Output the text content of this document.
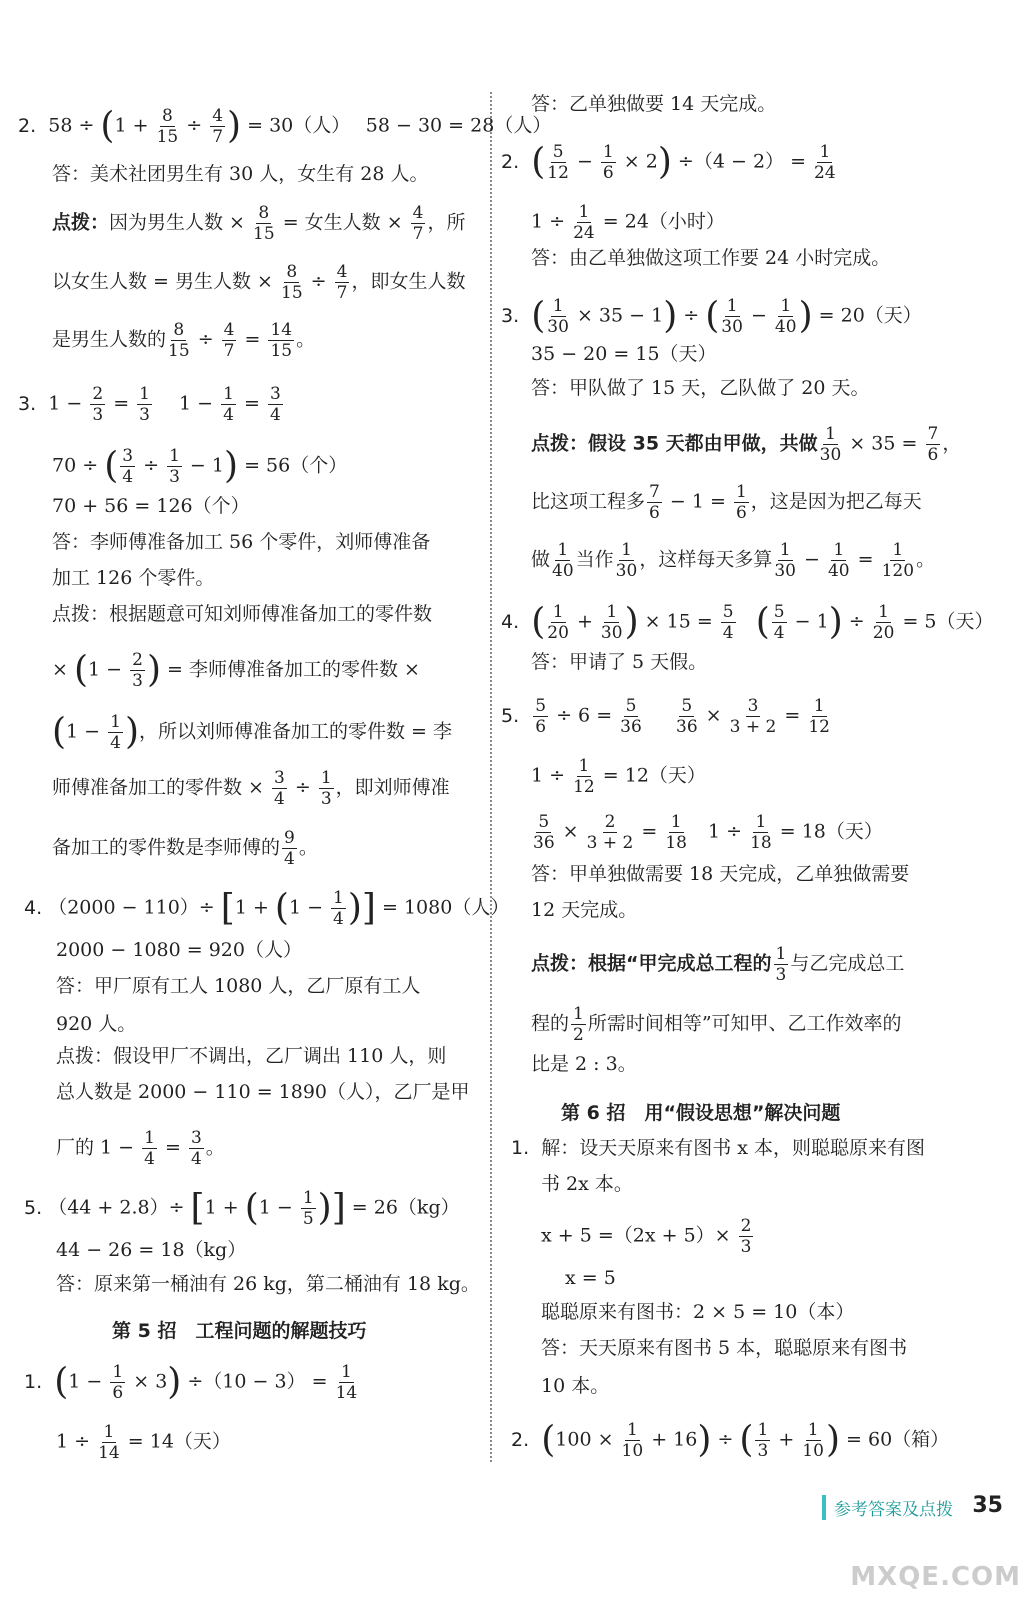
2. $58 \div (1 + \frac{8}{15} \div \frac{4}{7}$ ) = 30（人）　 58 − 30 = 28（人）
答：美术社团男生有 30 人，女生有 28 人。
点拨：因为男生人数 × $\frac{8}{15}$ = 女生人数 × $\frac{4}{7}$ ，所
以女生人数 = 男生人数 × $\frac{8}{15} \div \frac{4}{7}$ ，即女生人数
是男生人数的 $\frac{8}{15} \div \frac{4}{7} = \frac{14}{15}$ 。
3. $1 - \frac{2}{3} = \frac{1}{3}$ 　 $1 - \frac{1}{4} = \frac{3}{4}$
70 ÷ ( $\frac{3}{4} \div \frac{1}{3} - 1) = 56$（个）
70 + 56 = 126（个）
答：李师傅准备加工 56 个零件，刘师傅准备
加工 126 个零件。
点拨：根据题意可知刘师傅准备加工的零件数
× ($1 - \frac{2}{3}$ ) = 李师傅准备加工的零件数 ×
($1 - \frac{1}{4}$ )，所以刘师傅准备加工的零件数 = 李
师傅准备加工的零件数 × $\frac{3}{4} \div \frac{1}{3}$ ，即刘师傅准
备加工的零件数是李师傅的 $\frac{9}{4}$ 。
4. $(2000 - 110)\div [1 + (1 - \frac{1}{4}$ )] = 1080（人）
2000 − 1080 = 920（人）
答：甲厂原有工人 1080 人，乙厂原有工人
920 人。
点拨：假设甲厂不调出，乙厂调出 110 人，则
总人数是 2000 − 110 = 1890（人），乙厂是甲
厂的 $1 - \frac{1}{4} = \frac{3}{4}$ 。
5. $(44 + 2.8)\div [1 + (1 - \frac{1}{5}$ )] = 26（kg）
44 − 26 = 18（kg）
答：原来第一桶油有 26 kg，第二桶油有 18 kg。
第 5 招　工程问题的解题技巧
1. $(1 - \frac{1}{6} \times 3) \div(10 - 3) = \frac{1}{14}$
$1 \div \frac{1}{14} = 14$（天）
答：乙单独做要 14 天完成。
2. ( $\frac{5}{12} - \frac{1}{6} \times 2) \div(4 - 2) = \frac{1}{24}$
$1 \div \frac{1}{24} = 24$（小时）
答：由乙单独做这项工作要 24 小时完成。
3. ( $\frac{1}{30} \times 35 - 1$) ÷ ( $\frac{1}{30} - \frac{1}{40}$ ) = 20（天）
35 − 20 = 15（天）
答：甲队做了 15 天，乙队做了 20 天。
点拨：假设 35 天都由甲做，共做 $\frac{1}{30} \times 35 = \frac{7}{6}$ ，
比这项工程多 $\frac{7}{6} - 1 = \frac{1}{6}$ ，这是因为把乙每天
做 $\frac{1}{40}$ 当作 $\frac{1}{30}$ ，这样每天多算 $\frac{1}{30} - \frac{1}{40} = \frac{1}{120}$ 。
4. ( $\frac{1}{20} + \frac{1}{30}$ ) × $15 = \frac{5}{4}$ ( $\frac{5}{4} - 1) \div \frac{1}{20} = 5$（天）
答：甲请了 5 天假。
5. $\frac{5}{6} \div 6 = \frac{5}{36}$
$\frac{5}{36} \times \frac{3}{3 + 2} = \frac{1}{12}$
$1 \div \frac{1}{12} = 12$（天）
$\frac{5}{36} \times \frac{2}{3 + 2} = \frac{1}{18}$ 　$1 \div \frac{1}{18} = 18$（天）
答：甲单独做需要 18 天完成，乙单独做需要
12 天完成。
点拨：根据“甲完成总工程的 $\frac{1}{3}$ 与乙完成总工
程的 $\frac{1}{2}$ 所需时间相等”可知甲、乙工作效率的
比是 2 : 3。
第 6 招　用“假设思想”解决问题
1. 解：设天天原来有图书 x 本，则聪聪原来有图
书 2x 本。
$x + 5 =(2x + 5)\times \frac{2}{3}$
x = 5
聪聪原来有图书：2 × 5 = 10（本）
答：天天原来有图书 5 本，聪聪原来有图书
10 本。
2. $(100 \times \frac{1}{10} + 16)$ ÷ ( $\frac{1}{3} + \frac{1}{10}$ ) = 60（箱）
参考答案及点拨 35
MXQE.COM
